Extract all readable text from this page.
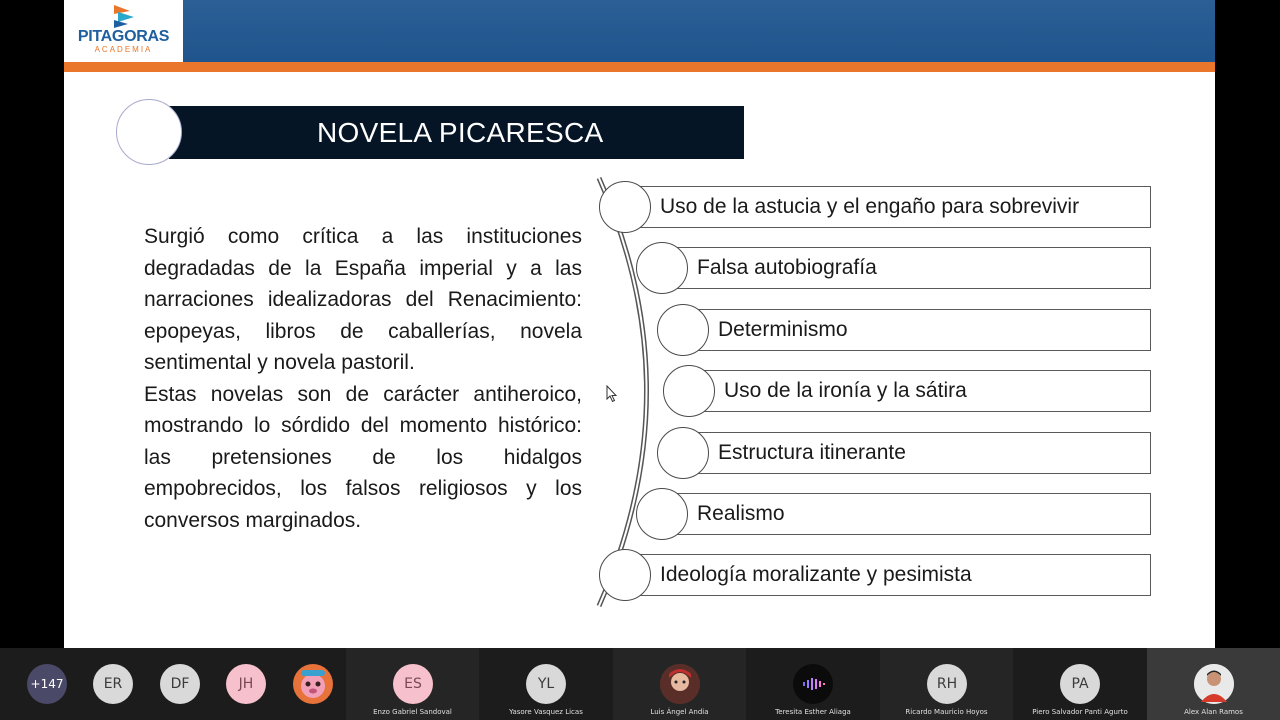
PITAGORAS
ACADEMIA
NOVELA PICARESCA

Surgió como crítica a las instituciones degradadas de la España imperial y a las narraciones idealizadoras del Renacimiento: epopeyas, libros de caballerías, novela sentimental y novela pastoril.

Estas novelas son de carácter antiheroico, mostrando lo sórdido del momento histórico: las pretensiones de los hidalgos empobrecidos, los falsos religiosos y los conversos marginados.

Uso de la astucia y el engaño para sobrevivir
Falsa autobiografía
Determinismo
Uso de la ironía y la sátira
Estructura itinerante
Realismo
Ideología moralizante y pesimista
+147	ER	DF	JH	ES
Enzo Gabriel Sandoval
YL
Yasore Vasquez Licas	Luis Ángel Andia	Teresita Esther Aliaga
RH
Ricardo Mauricio Hoyos
PA
Piero Salvador Panti Agurto	Alex Alan Ramos
